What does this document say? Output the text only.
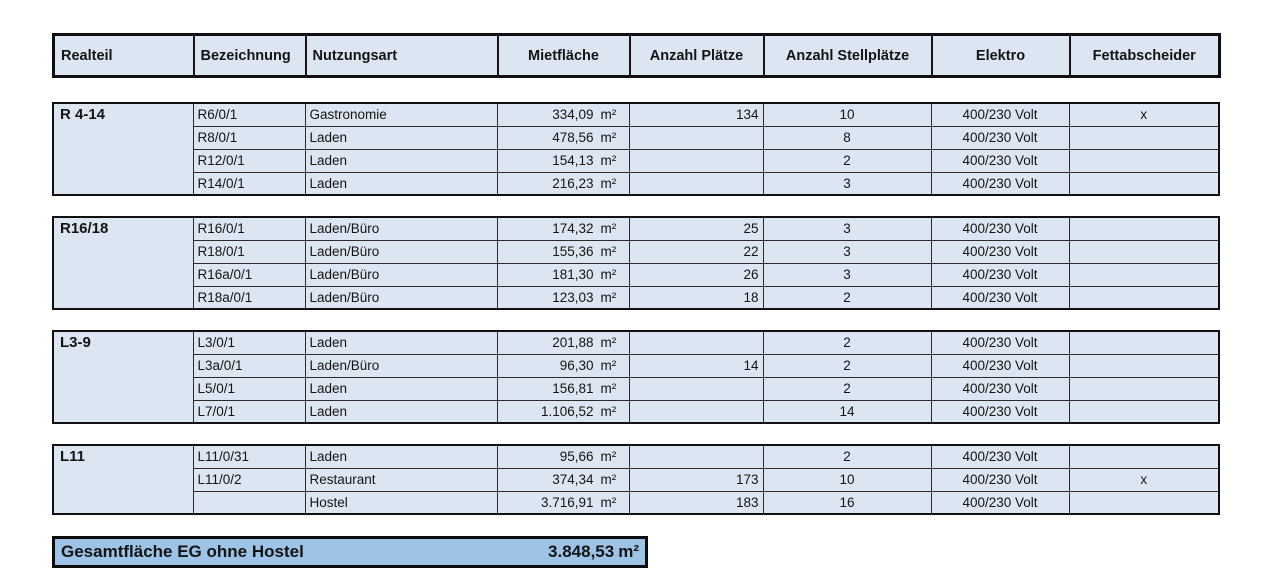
Realteil	Bezeichnung	Nutzungsart	Mietfläche	Anzahl Plätze	Anzahl Stellplätze	Elektro	Fettabscheider
R 4-14	R6/0/1	Gastronomie	334,09 m²	134	10	400/230 Volt	x
	R8/0/1	Laden	478,56 m²		8	400/230 Volt	
	R12/0/1	Laden	154,13 m²		2	400/230 Volt	
	R14/0/1	Laden	216,23 m²		3	400/230 Volt	
R16/18	R16/0/1	Laden/Büro	174,32 m²	25	3	400/230 Volt	
	R18/0/1	Laden/Büro	155,36 m²	22	3	400/230 Volt	
	R16a/0/1	Laden/Büro	181,30 m²	26	3	400/230 Volt	
	R18a/0/1	Laden/Büro	123,03 m²	18	2	400/230 Volt	
L3-9	L3/0/1	Laden	201,88 m²		2	400/230 Volt	
	L3a/0/1	Laden/Büro	96,30 m²	14	2	400/230 Volt	
	L5/0/1	Laden	156,81 m²		2	400/230 Volt	
	L7/0/1	Laden	1.106,52 m²		14	400/230 Volt	
L11	L11/0/31	Laden	95,66 m²		2	400/230 Volt	
	L11/0/2	Restaurant	374,34 m²	173	10	400/230 Volt	x
		Hostel	3.716,91 m²	183	16	400/230 Volt	
Gesamtfläche EG ohne Hostel	3.848,53 m²
